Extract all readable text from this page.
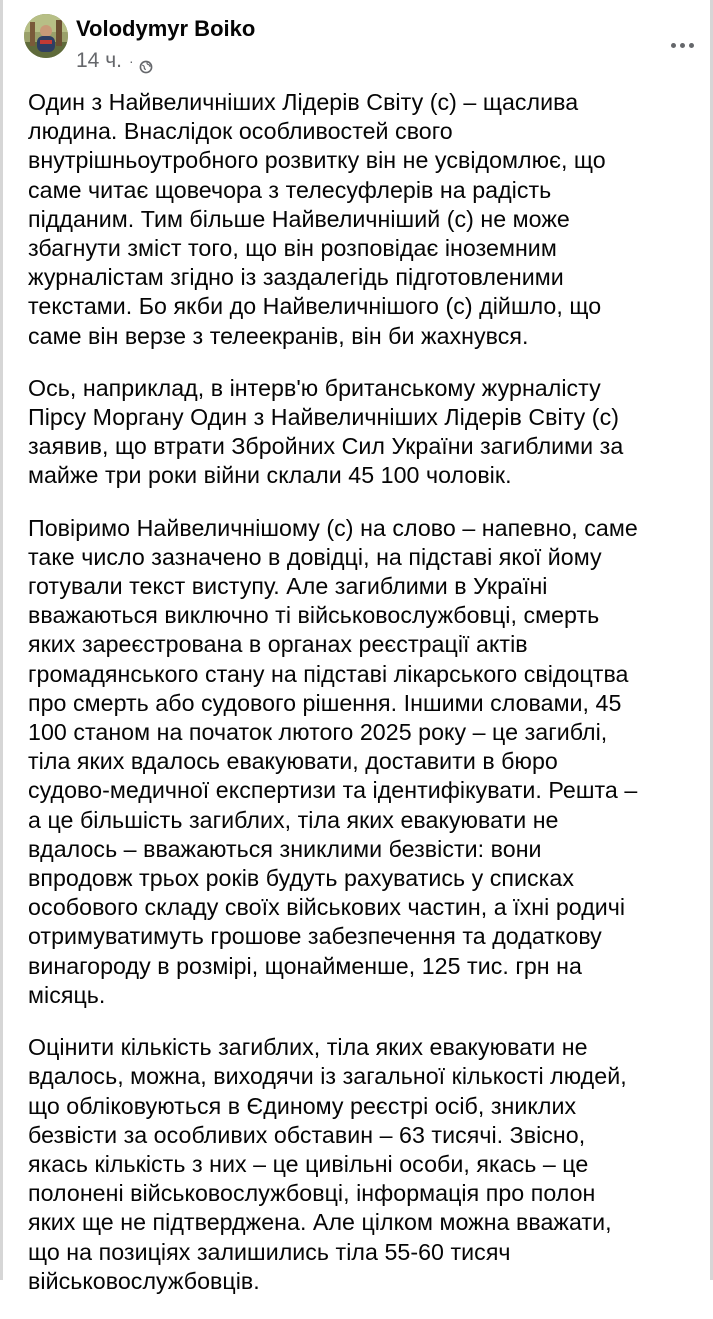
Volodymyr Boiko
14 ч. ·

Один з Найвеличніших Лідерів Світу (с) – щаслива
людина. Внаслідок особливостей свого
внутрішньоутробного розвитку він не усвідомлює, що
саме читає щовечора з телесуфлерів на радість
підданим. Тим більше Найвеличніший (с) не може
збагнути зміст того, що він розповідає іноземним
журналістам згідно із заздалегідь підготовленими
текстами. Бо якби до Найвеличнішого (с) дійшло, що
саме він верзе з телеекранів, він би жахнувся.

Ось, наприклад, в інтерв'ю британському журналісту
Пірсу Моргану Один з Найвеличніших Лідерів Світу (с)
заявив, що втрати Збройних Сил України загиблими за
майже три роки війни склали 45 100 чоловік.

Повіримо Найвеличнішому (с) на слово – напевно, саме
таке число зазначено в довідці, на підставі якої йому
готували текст виступу. Але загиблими в Україні
вважаються виключно ті військовослужбовці, смерть
яких зареєстрована в органах реєстрації актів
громадянського стану на підставі лікарського свідоцтва
про смерть або судового рішення. Іншими словами, 45
100 станом на початок лютого 2025 року – це загиблі,
тіла яких вдалось евакуювати, доставити в бюро
судово-медичної експертизи та ідентифікувати. Решта –
а це більшість загиблих, тіла яких евакуювати не
вдалось – вважаються зниклими безвісти: вони
впродовж трьох років будуть рахуватись у списках
особового складу своїх військових частин, а їхні родичі
отримуватимуть грошове забезпечення та додаткову
винагороду в розмірі, щонайменше, 125 тис. грн на
місяць.

Оцінити кількість загиблих, тіла яких евакуювати не
вдалось, можна, виходячи із загальної кількості людей,
що обліковуються в Єдиному реєстрі осіб, зниклих
безвісти за особливих обставин – 63 тисячі. Звісно,
якась кількість з них – це цивільні особи, якась – це
полонені військовослужбовці, інформація про полон
яких ще не підтверджена. Але цілком можна вважати,
що на позиціях залишились тіла 55-60 тисяч
військовослужбовців.
